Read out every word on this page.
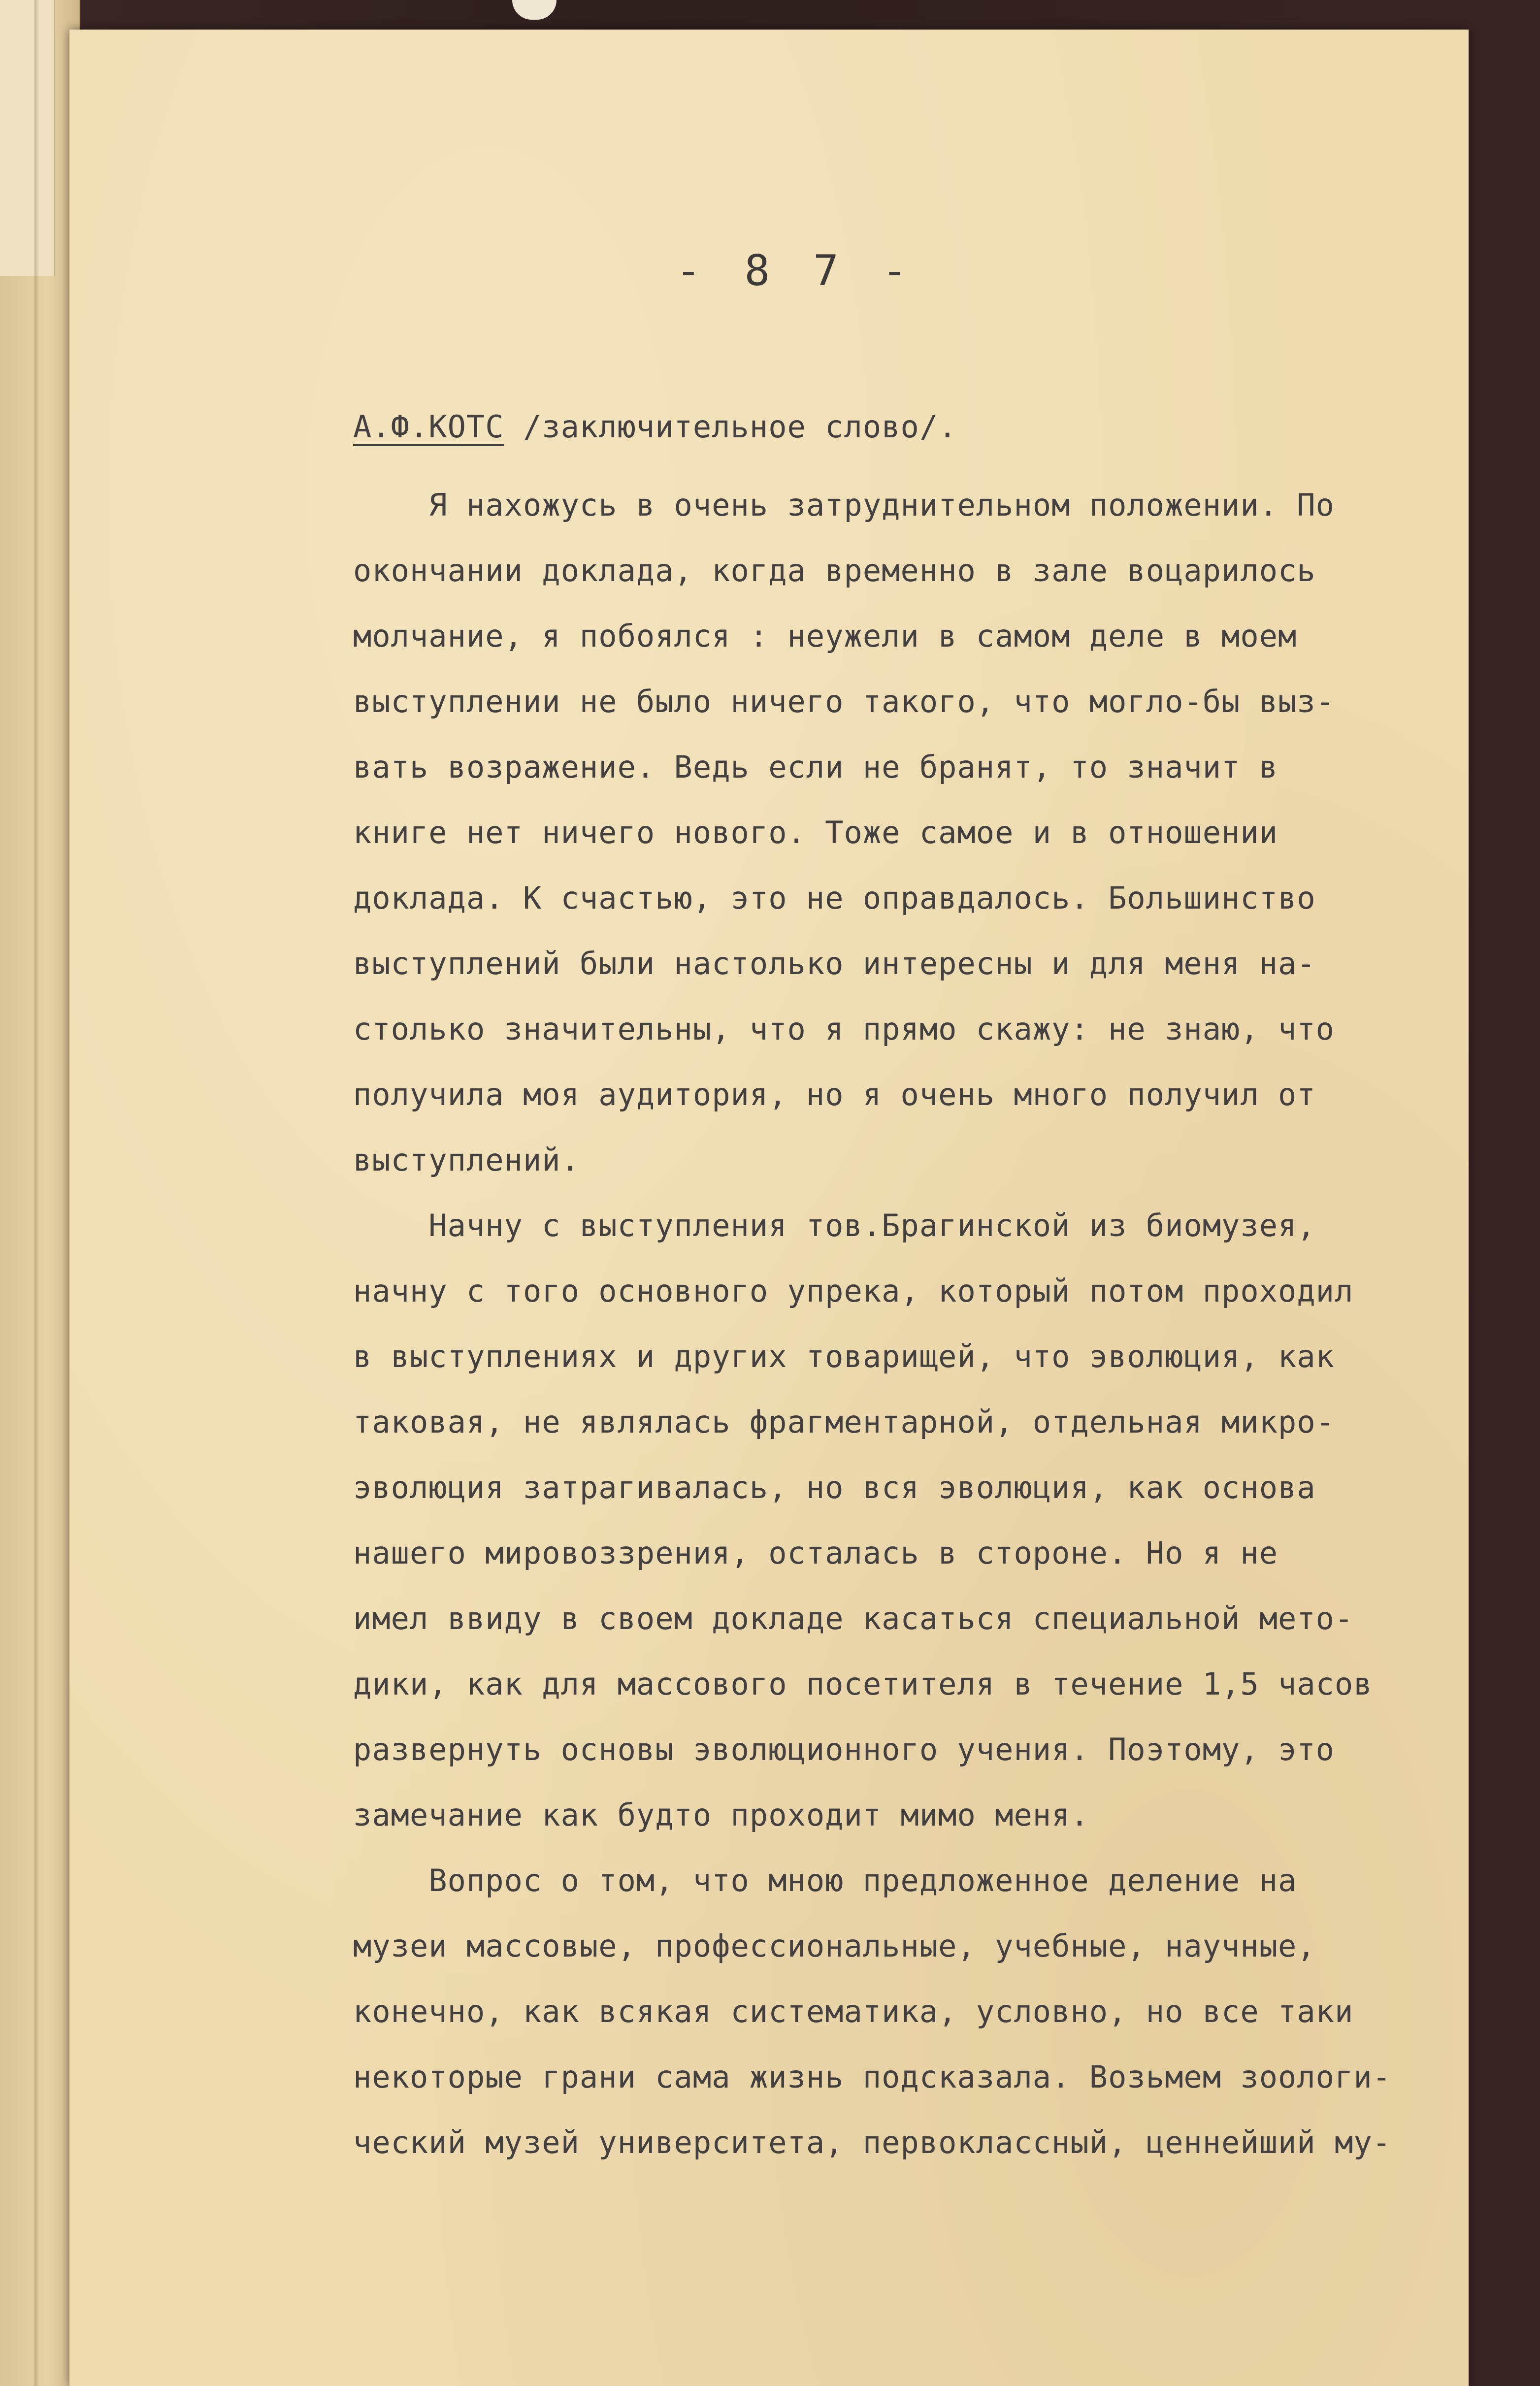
- 8 7 -
А.Ф.КОТС /заключительное слово/.
Я нахожусь в очень затруднительном положении. По
окончании доклада, когда временно в зале воцарилось
молчание, я побоялся : неужели в самом деле в моем
выступлении не было ничего такого, что могло-бы выз-
вать возражение. Ведь если не бранят, то значит в
книге нет ничего нового. Тоже самое и в отношении
доклада. К счастью, это не оправдалось. Большинство
выступлений были настолько интересны и для меня на-
столько значительны, что я прямо скажу: не знаю, что
получила моя аудитория, но я очень много получил от
выступлений.
Начну с выступления тов.Брагинской из биомузея,
начну с того основного упрека, который потом проходил
в выступлениях и других товарищей, что эволюция, как
таковая, не являлась фрагментарной, отдельная микро-
эволюция затрагивалась, но вся эволюция, как основа
нашего мировоззрения, осталась в стороне. Но я не
имел ввиду в своем докладе касаться специальной мето-
дики, как для массового посетителя в течение 1,5 часов
развернуть основы эволюционного учения. Поэтому, это
замечание как будто проходит мимо меня.
Вопрос о том, что мною предложенное деление на
музеи массовые, профессиональные, учебные, научные,
конечно, как всякая систематика, условно, но все таки
некоторые грани сама жизнь подсказала. Возьмем зоологи-
ческий музей университета, первоклассный, ценнейший му-
